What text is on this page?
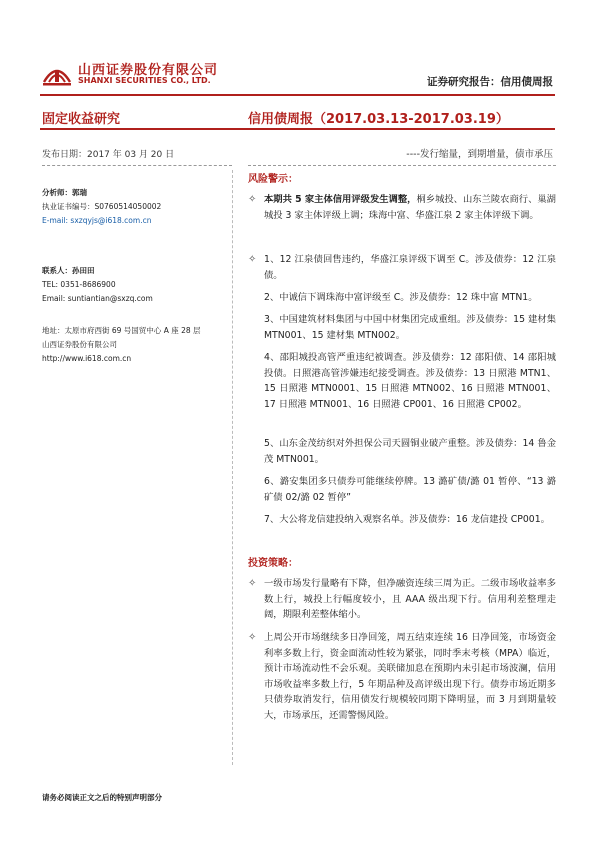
山西证券股份有限公司
SHANXI SECURITIES CO., LTD.	证券研究报告：信用债周报
固定收益研究	信用债周报（2017.03.13-2017.03.19）
发布日期：2017 年 03 月 20 日	----发行缩量，到期增量，债市承压
分析师：郭瑞
执业证书编号：S0760514050002
E-mail: sxzqyjs@i618.com.cn
联系人：孙田田
TEL: 0351-8686900
Email: suntiantian@sxzq.com
地址：太原市府西街 69 号国贸中心 A 座 28 层
山西证券股份有限公司
http://www.i618.com.cn
风险警示：
✧ 本期共 5 家主体信用评级发生调整，桐乡城投、山东兰陵农商行、巢湖城投 3 家主体评级上调；珠海中富、华盛江泉 2 家主体评级下调。
✧ 1、12 江泉债回售违约，华盛江泉评级下调至 C。涉及债券：12 江泉债。
2、中诚信下调珠海中富评级至 C。涉及债券：12 珠中富 MTN1。
3、中国建筑材料集团与中国中材集团完成重组。涉及债券：15 建材集 MTN001、15 建材集 MTN002。
4、邵阳城投高管严重违纪被调查。涉及债券：12 邵阳债、14 邵阳城投债。日照港高管涉嫌违纪接受调查。涉及债券：13 日照港 MTN1、15 日照港 MTN0001、15 日照港 MTN002、16 日照港 MTN001、17 日照港 MTN001、16 日照港 CP001、16 日照港 CP002。
5、山东金茂纺织对外担保公司天圆铜业破产重整。涉及债券：14 鲁金茂 MTN001。
6、潞安集团多只债券可能继续停牌。13 潞矿债/潞 01 暂停、“13 潞矿债 02/潞 02 暂停”
7、大公将龙信建投纳入观察名单。涉及债券：16 龙信建投 CP001。
投资策略：
✧ 一级市场发行量略有下降，但净融资连续三周为正。二级市场收益率多数上行，城投上行幅度较小，且 AAA 级出现下行。信用利差整理走阔，期限利差整体缩小。
✧ 上周公开市场继续多日净回笼，周五结束连续 16 日净回笼，市场资金利率多数上行，资金面流动性较为紧张，同时季末考核（MPA）临近，预计市场流动性不会乐观。美联储加息在预期内未引起市场波澜，信用市场收益率多数上行，5 年期品种及高评级出现下行。债券市场近期多只债券取消发行，信用债发行规模较同期下降明显，而 3 月到期量较大，市场承压，还需警惕风险。
请务必阅读正文之后的特别声明部分
